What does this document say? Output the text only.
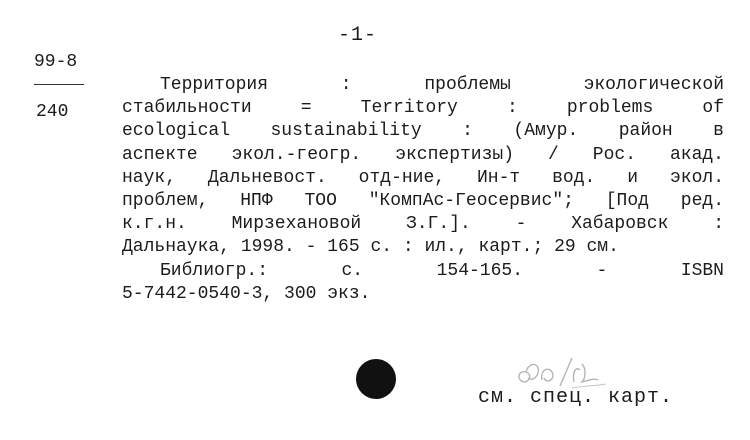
-1-
99-8
240
Территория : проблемы экологической
стабильности = Territory : problems of
ecological sustainability : (Амур. район в
аспекте экол.-геогр. экспертизы) / Рос. акад.
наук, Дальневост. отд-ние, Ин-т вод. и экол.
проблем, НПФ ТОО "КомпАс-Геосервис"; [Под ред.
к.г.н. Мирзехановой З.Г.]. - Хабаровск :
Дальнаука, 1998. - 165 с. : ил., карт.; 29 см.
Библиогр.: с. 154-165. - ISBN
5-7442-0540-3, 300 экз.
см. спец. карт.
